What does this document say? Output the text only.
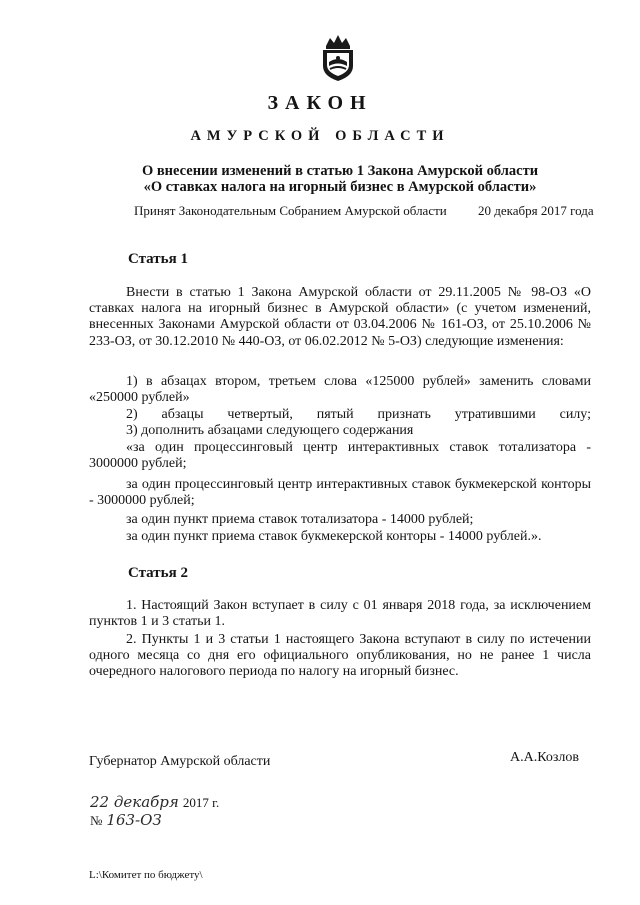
ЗАКОН
АМУРСКОЙ ОБЛАСТИ
О внесении изменений в статью 1 Закона Амурской области
«О ставках налога на игорный бизнес в Амурской области»
Принят Законодательным Собранием Амурской области 20 декабря 2017 года
Статья 1

Внести в статью 1 Закона Амурской области от 29.11.2005 № 98-ОЗ «О ставках налога на игорный бизнес в Амурской области» (с учетом изменений, внесенных Законами Амурской области от 03.04.2006 № 161-ОЗ, от 25.10.2006 № 233-ОЗ, от 30.12.2010 № 440-ОЗ, от 06.02.2012 № 5-ОЗ) следующие изменения:

1) в абзацах втором, третьем слова «125000 рублей» заменить словами «250000 рублей»

2) абзацы четвертый, пятый признать утратившими силу;

3) дополнить абзацами следующего содержания

«за один процессинговый центр интерактивных ставок тотализатора - 3000000 рублей;

за один процессинговый центр интерактивных ставок букмекерской конторы - 3000000 рублей;

за один пункт приема ставок тотализатора - 14000 рублей;

за один пункт приема ставок букмекерской конторы - 14000 рублей.».

Статья 2

1. Настоящий Закон вступает в силу с 01 января 2018 года, за исключением пунктов 1 и 3 статьи 1.

2. Пункты 1 и 3 статьи 1 настоящего Закона вступают в силу по истечении одного месяца со дня его официального опубликования, но не ранее 1 числа очередного налогового периода по налогу на игорный бизнес.

Губернатор Амурской области	А.А.Козлов
22 декабря 2017 г.
№ 163-ОЗ
L:\Комитет по бюджету\
